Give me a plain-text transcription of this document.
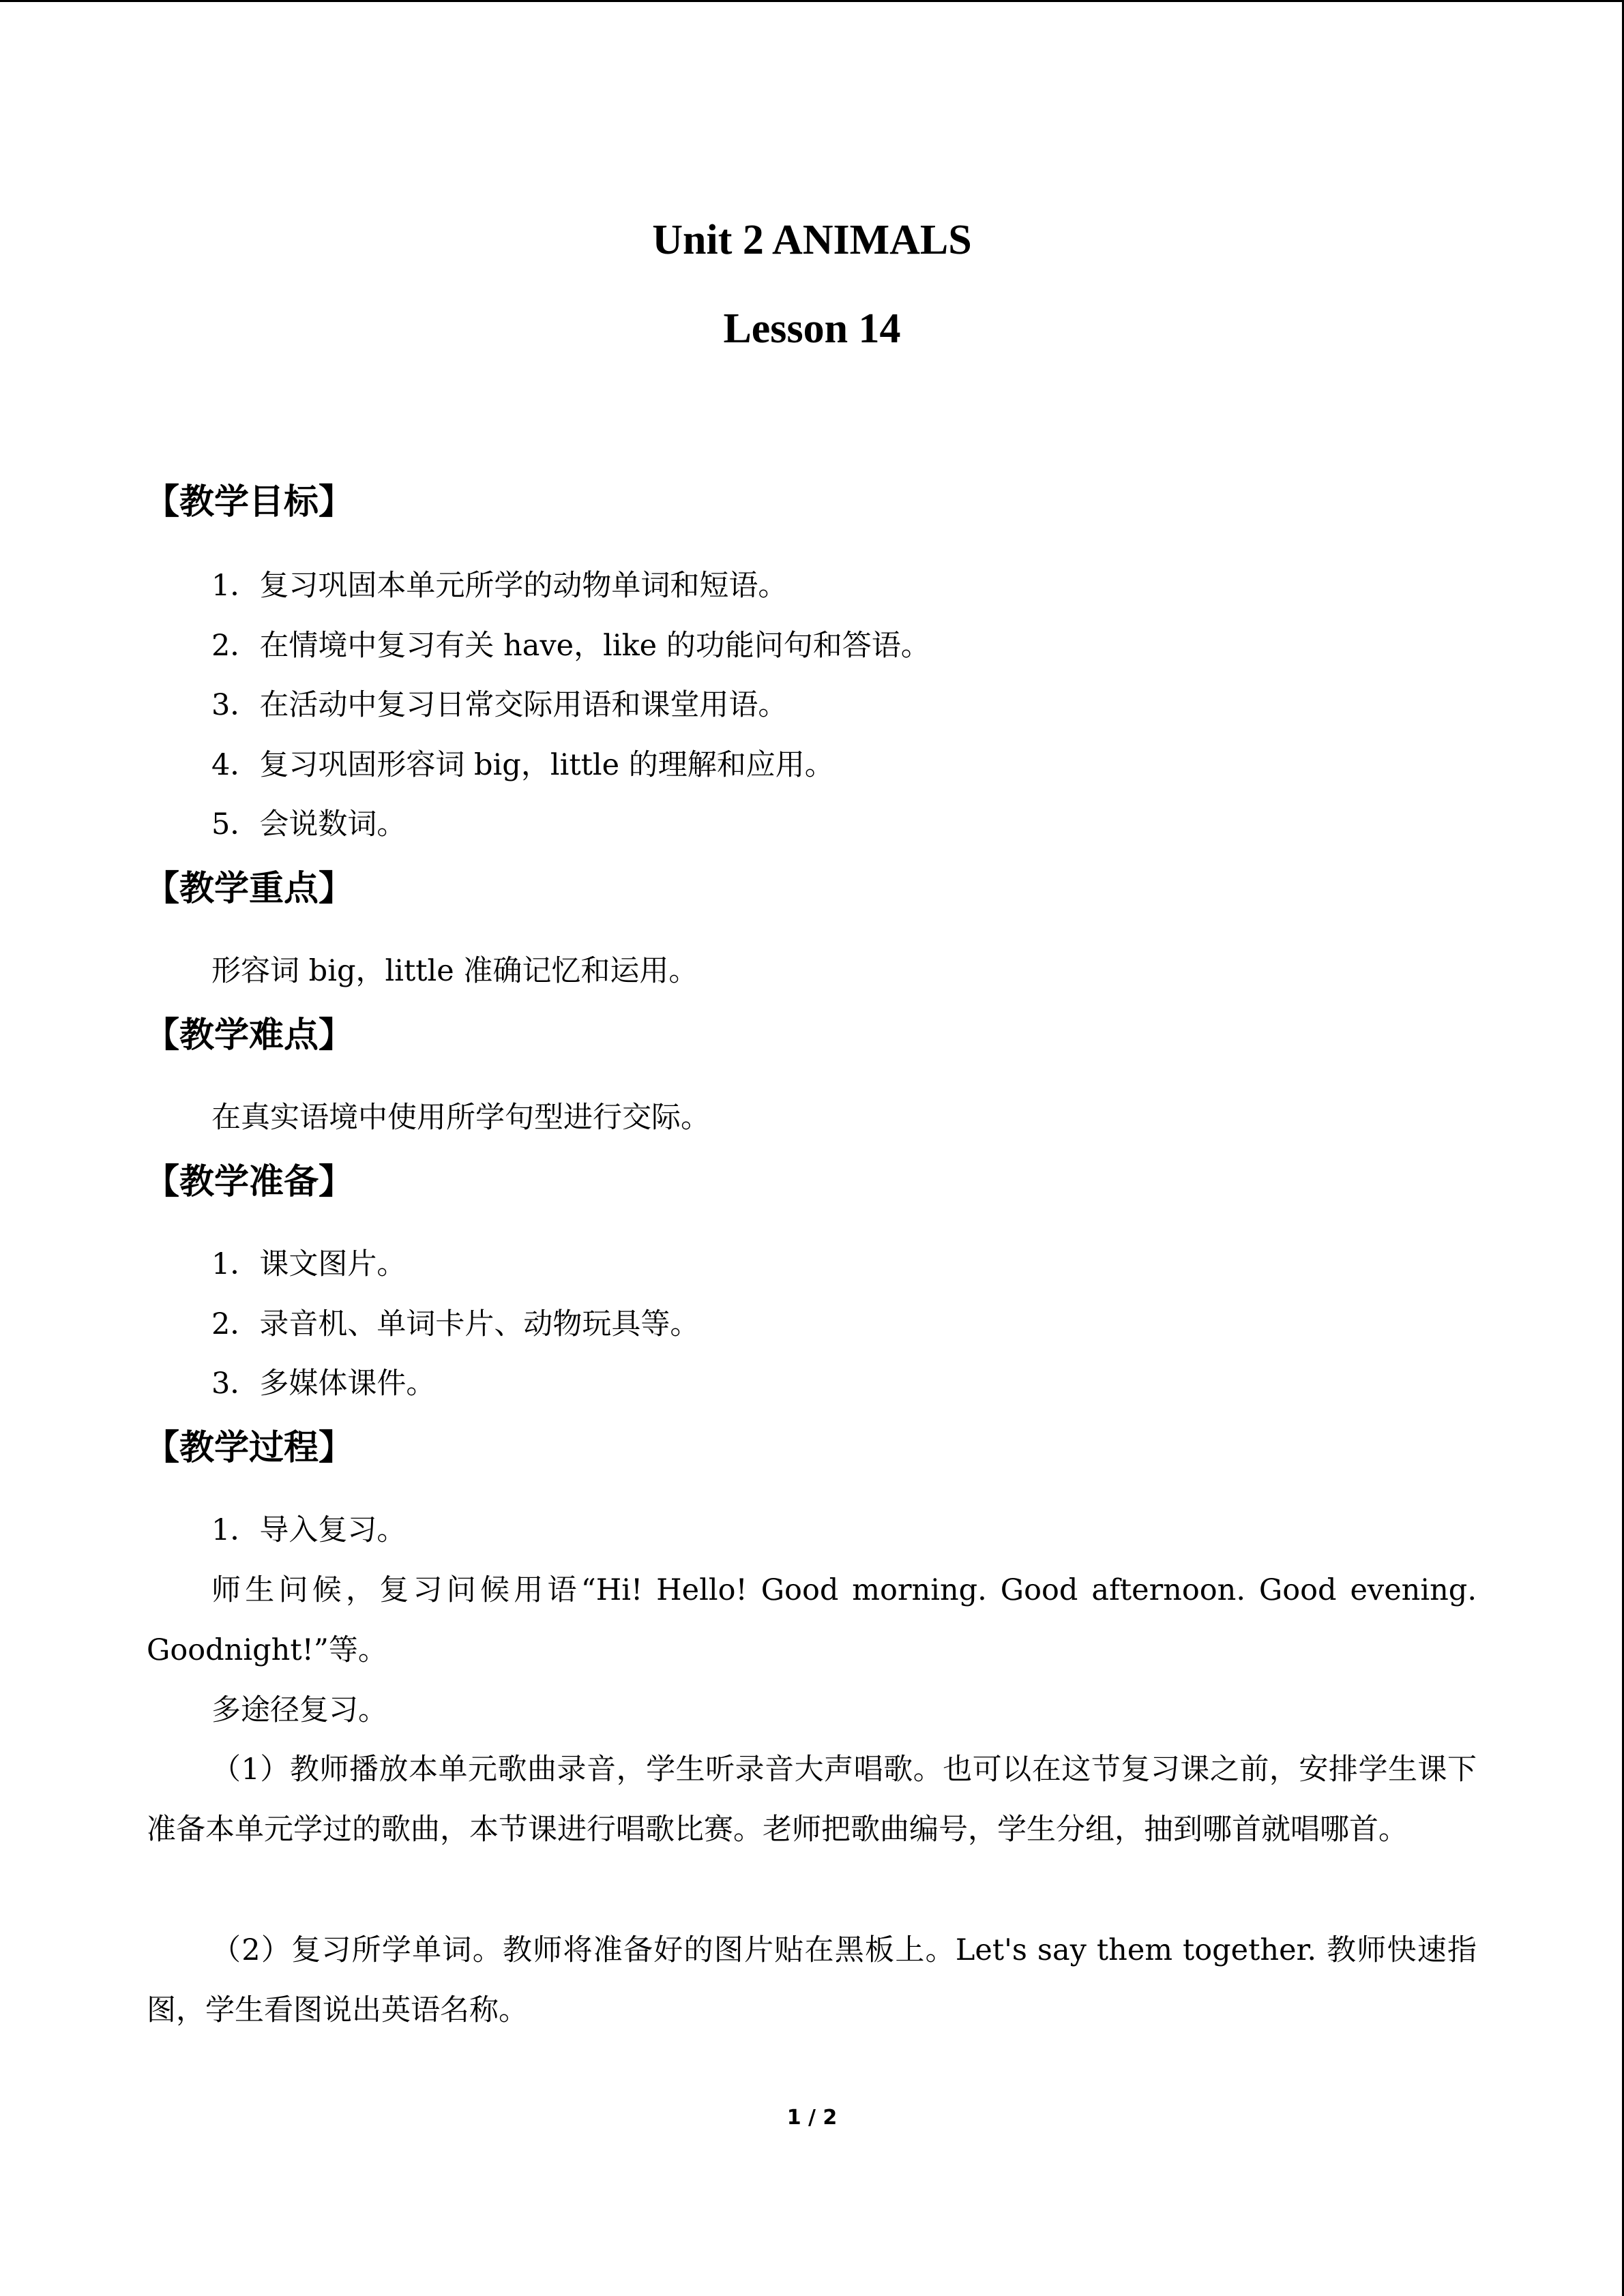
Unit 2 ANIMALS
Lesson 14
【教学目标】
1．复习巩固本单元所学的动物单词和短语。
2．在情境中复习有关 have，like 的功能问句和答语。
3．在活动中复习日常交际用语和课堂用语。
4．复习巩固形容词 big，little 的理解和应用。
5．会说数词。
【教学重点】
形容词 big，little 准确记忆和运用。
【教学难点】
在真实语境中使用所学句型进行交际。
【教学准备】
1．课文图片。
2．录音机、单词卡片、动物玩具等。
3．多媒体课件。
【教学过程】
1．导入复习。
师生问候，复习问候用语“Hi! Hello! Good morning. Good afternoon. Good evening. Goodnight!”等。
多途径复习。
（1）教师播放本单元歌曲录音，学生听录音大声唱歌。也可以在这节复习课之前，安排学生课下准备本单元学过的歌曲，本节课进行唱歌比赛。老师把歌曲编号，学生分组，抽到哪首就唱哪首。
（2）复习所学单词。教师将准备好的图片贴在黑板上。Let's say them together. 教师快速指图，学生看图说出英语名称。
1 / 2
